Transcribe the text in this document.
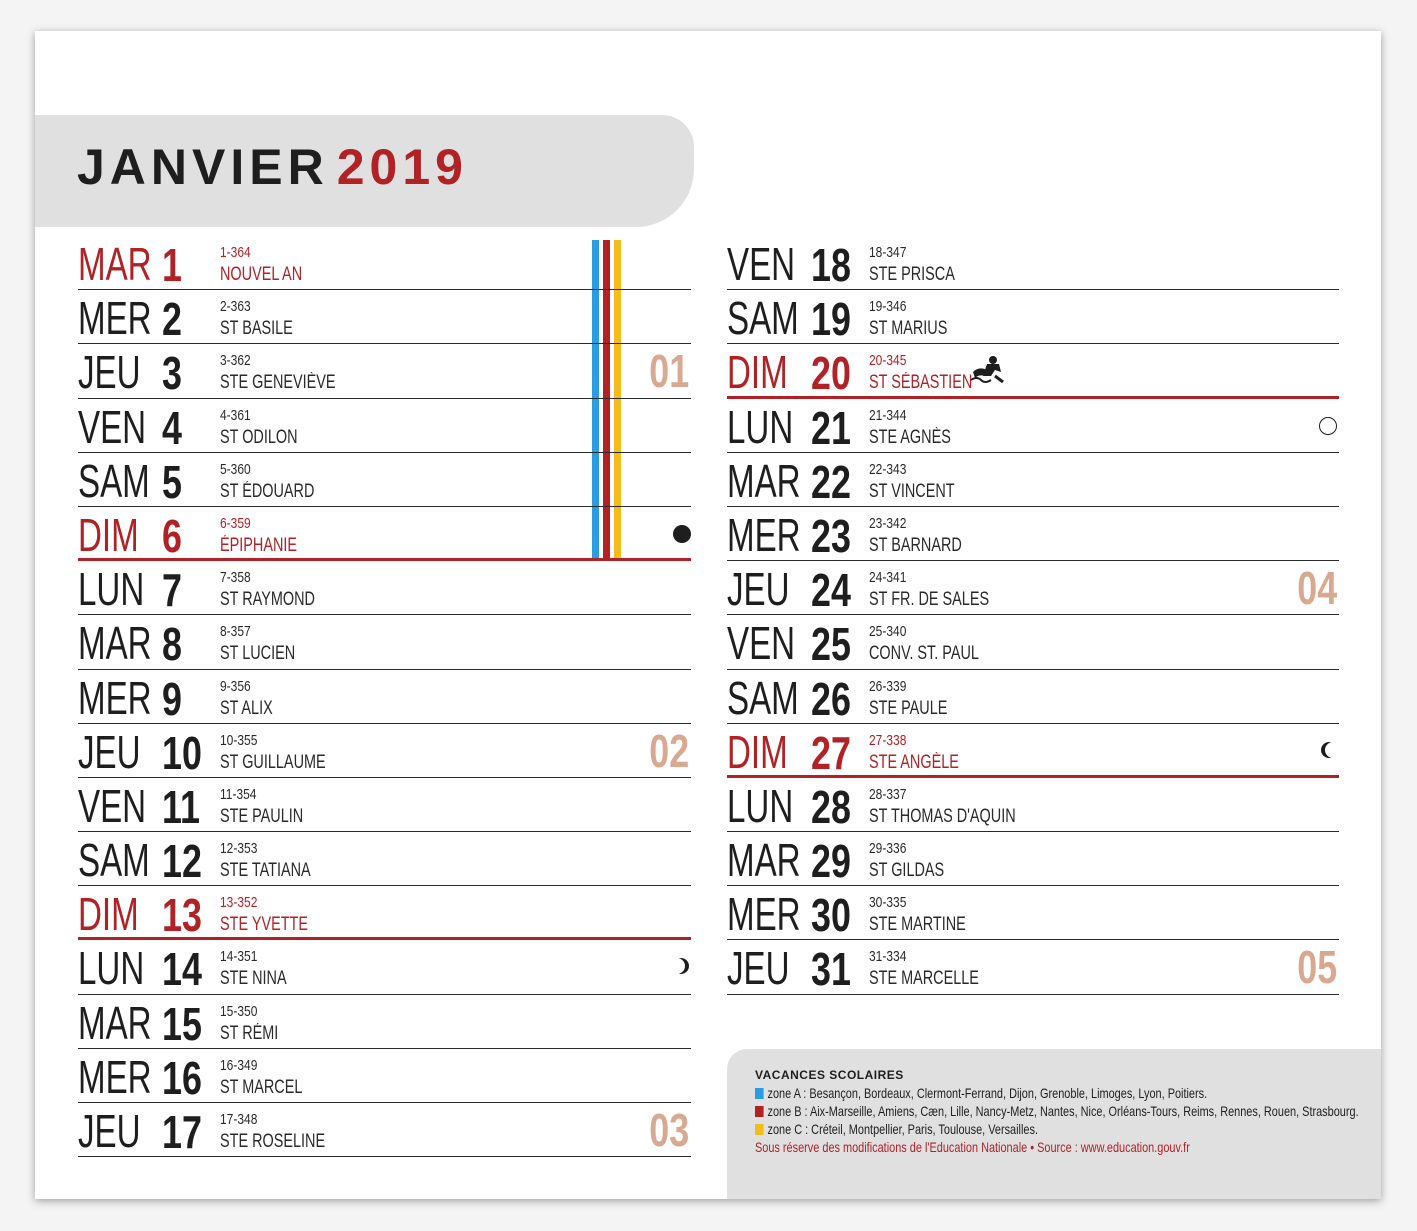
JANVIER 2019
MAR 1	1-364
NOUVEL AN
MER 2	2-363
ST BASILE
JEU 3	3-362
STE GENEVIÈVE	01
VEN 4	4-361
ST ODILON
SAM 5	5-360
ST ÉDOUARD
DIM 6	6-359
ÉPIPHANIE
LUN 7	7-358
ST RAYMOND
MAR 8	8-357
ST LUCIEN
MER 9	9-356
ST ALIX
JEU 10 10-355
ST GUILLAUME	02
VEN 11 11-354
STE PAULIN
SAM 12 12-353
STE TATIANA
DIM 13 13-352
STE YVETTE
LUN 14 14-351
STE NINA
MAR 15 15-350
ST RÉMI
MER 16 16-349
ST MARCEL
JEU 17 17-348
STE ROSELINE	03
VEN 18 18-347
STE PRISCA
SAM 19 19-346
ST MARIUS
DIM 20 20-345
ST SÉBASTIEN
LUN 21 21-344
STE AGNÈS
MAR 22 22-343
ST VINCENT
MER 23 23-342
ST BARNARD
JEU 24 24-341
ST FR. DE SALES	04
VEN 25 25-340
CONV. ST. PAUL
SAM 26 26-339
STE PAULE
DIM 27 27-338
STE ANGÈLE
LUN 28 28-337
ST THOMAS D'AQUIN
MAR 29 29-336
ST GILDAS
MER 30 30-335
STE MARTINE
JEU 31 31-334
STE MARCELLE	05
VACANCES SCOLAIRES
zone A : Besançon, Bordeaux, Clermont-Ferrand, Dijon, Grenoble, Limoges, Lyon, Poitiers.
zone B : Aix-Marseille, Amiens, Cæn, Lille, Nancy-Metz, Nantes, Nice, Orléans-Tours, Reims, Rennes, Rouen, Strasbourg.
zone C : Créteil, Montpellier, Paris, Toulouse, Versailles.
Sous réserve des modifications de l'Education Nationale • Source : www.education.gouv.fr
